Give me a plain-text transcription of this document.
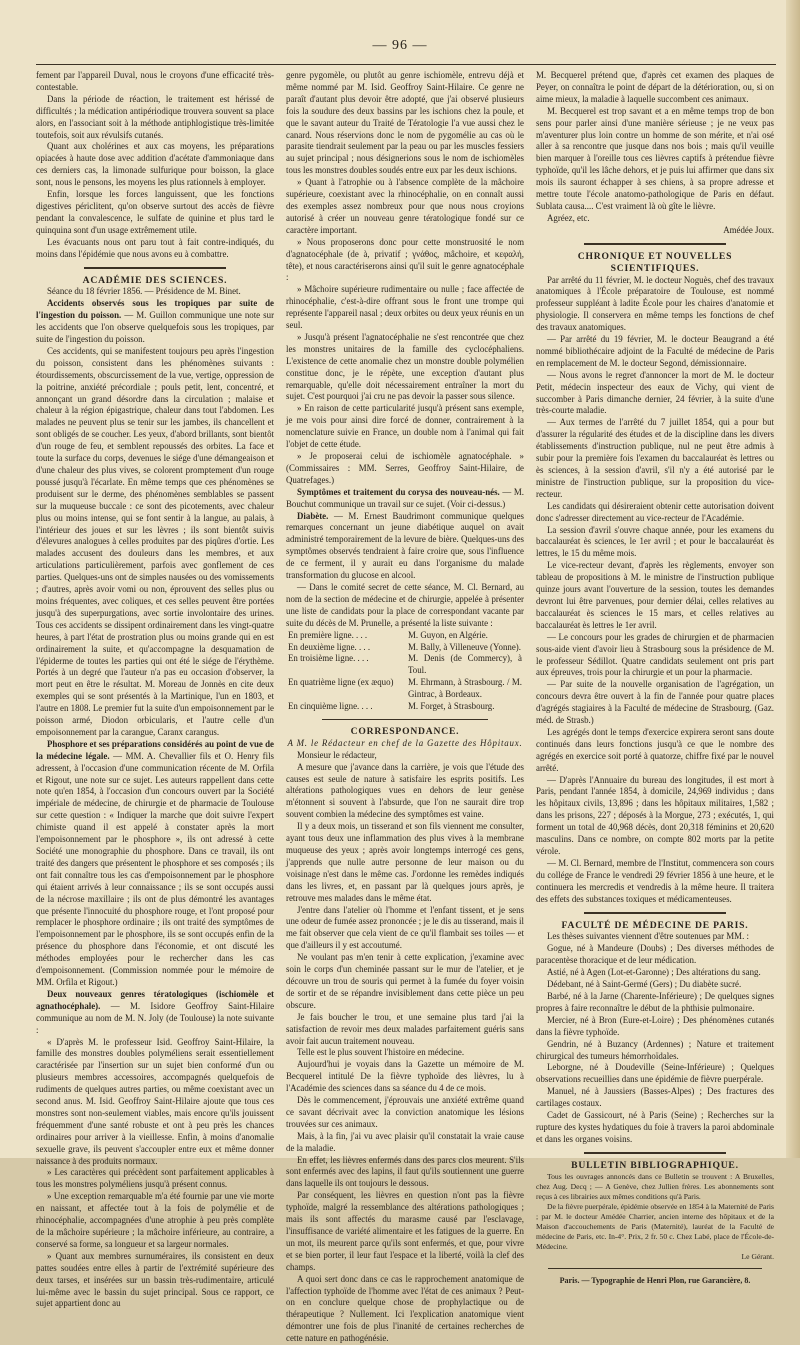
— 96 —

fement par l'appareil Duval, nous le croyons d'une efficacité très-contestable.

Dans la période de réaction, le traitement est hérissé de difficultés ; la médication antipériodique trouvera souvent sa place alors, en l'associant soit à la méthode antiphlogistique très-limitée toutefois, soit aux révulsifs cutanés.

Quant aux cholérines et aux cas moyens, les préparations opiacées à haute dose avec addition d'acétate d'ammoniaque dans ces derniers cas, la limonade sulfurique pour boisson, la glace sont, nous le pensons, les moyens les plus rationnels à employer.

Enfin, lorsque les forces languissent, que les fonctions digestives périclitent, qu'on observe surtout des accès de fièvre pendant la convalescence, le sulfate de quinine et plus tard le quinquina sont d'un usage extrêmement utile.

Les évacuants nous ont paru tout à fait contre-indiqués, du moins dans l'épidémie que nous avons eu à combattre.

ACADÉMIE DES SCIENCES.

Séance du 18 février 1856. — Présidence de M. Binet.

Accidents observés sous les tropiques par suite de l'ingestion du poisson. — M. Guillon communique une note sur les accidents que l'on observe quelquefois sous les tropiques, par suite de l'ingestion du poisson.

Ces accidents, qui se manifestent toujours peu après l'ingestion du poisson, consistent dans les phénomènes suivants : étourdissements, obscurcissement de la vue, vertige, oppression de la poitrine, anxiété précordiale ; pouls petit, lent, concentré, et annonçant un grand désordre dans la circulation ; malaise et chaleur à la région épigastrique, chaleur dans tout l'abdomen. Les malades ne peuvent plus se tenir sur les jambes, ils chancellent et sont obligés de se coucher. Les yeux, d'abord brillants, sont bientôt d'un rouge de feu, et semblent repoussés des orbites. La face et toute la surface du corps, devenues le siége d'une démangeaison et d'une chaleur des plus vives, se colorent promptement d'un rouge poussé jusqu'à l'écarlate. En même temps que ces phénomènes se produisent sur le derme, des phénomènes semblables se passent sur la muqueuse buccale : ce sont des picotements, avec chaleur plus ou moins intense, qui se font sentir à la langue, au palais, à l'intérieur des joues et sur les lèvres ; ils sont bientôt suivis d'élevures analogues à celles produites par des piqûres d'ortie. Les malades accusent des douleurs dans les membres, et aux articulations particulièrement, parfois avec gonflement de ces parties. Quelques-uns ont de simples nausées ou des vomissements ; d'autres, après avoir vomi ou non, éprouvent des selles plus ou moins fréquentes, avec coliques, et ces selles peuvent être portées jusqu'à des superpurgations, avec sortie involontaire des urines. Tous ces accidents se dissipent ordinairement dans les vingt-quatre heures, à part l'état de prostration plus ou moins grande qui en est ordinairement la suite, et qu'accompagne la desquamation de l'épiderme de toutes les parties qui ont été le siége de l'érythème. Portés à un degré que l'auteur n'a pas eu occasion d'observer, la mort peut en être le résultat. M. Moreau de Jonnès en cite deux exemples qui se sont présentés à la Martinique, l'un en 1803, et l'autre en 1808. Le premier fut la suite d'un empoisonnement par le poisson armé, Diodon orbicularis, et l'autre celle d'un empoisonnement par la carangue, Caranx carangus.

Phosphore et ses préparations considérés au point de vue de la médecine légale. — MM. A. Chevallier fils et O. Henry fils adressent, à l'occasion d'une communication récente de M. Orfila et Rigout, une note sur ce sujet. Les auteurs rappellent dans cette note qu'en 1854, à l'occasion d'un concours ouvert par la Société impériale de médecine, de chirurgie et de pharmacie de Toulouse sur cette question : « Indiquer la marche que doit suivre l'expert chimiste quand il est appelé à constater après la mort l'empoisonnement par le phosphore », ils ont adressé à cette Société une monographie du phosphore. Dans ce travail, ils ont traité des dangers que présentent le phosphore et ses composés ; ils ont fait connaître tous les cas d'empoisonnement par le phosphore qui étaient arrivés à leur connaissance ; ils se sont occupés aussi de la nécrose maxillaire ; ils ont de plus démontré les avantages que présente l'innocuité du phosphore rouge, et l'ont proposé pour remplacer le phosphore ordinaire ; ils ont traité des symptômes de l'empoisonnement par le phosphore, ils se sont occupés enfin de la présence du phosphore dans l'économie, et ont discuté les méthodes employées pour le rechercher dans les cas d'empoisonnement. (Commission nommée pour le mémoire de MM. Orfila et Rigout.)

Deux nouveaux genres tératologiques (ischiomèle et agnathocéphale). — M. Isidore Geoffroy Saint-Hilaire communique au nom de M. N. Joly (de Toulouse) la note suivante :

« D'après M. le professeur Isid. Geoffroy Saint-Hilaire, la famille des monstres doubles polyméliens serait essentiellement caractérisée par l'insertion sur un sujet bien conformé d'un ou plusieurs membres accessoires, accompagnés quelquefois de rudiments de quelques autres parties, ou même coexistant avec un second anus. M. Isid. Geoffroy Saint-Hilaire ajoute que tous ces monstres sont non-seulement viables, mais encore qu'ils jouissent fréquemment d'une santé robuste et ont à peu près les chances ordinaires pour arriver à la vieillesse. Enfin, à moins d'anomalie sexuelle grave, ils peuvent s'accoupler entre eux et même donner naissance à des produits normaux.

» Les caractères qui précèdent sont parfaitement applicables à tous les monstres polyméliens jusqu'à présent connus.

» Une exception remarquable m'a été fournie par une vie morte en naissant, et affectée tout à la fois de polymélie et de rhinocéphalie, accompagnées d'une atrophie à peu près complète de la mâchoire supérieure ; la mâchoire inférieure, au contraire, a conservé sa forme, sa longueur et sa largeur normales.

» Quant aux membres surnuméraires, ils consistent en deux pattes soudées entre elles à partir de l'extrémité supérieure des deux tarses, et insérées sur un bassin très-rudimentaire, articulé lui-même avec le bassin du sujet principal. Sous ce rapport, ce sujet appartient donc au

genre pygomèle, ou plutôt au genre ischiomèle, entrevu déjà et même nommé par M. Isid. Geoffroy Saint-Hilaire. Ce genre ne paraît d'autant plus devoir être adopté, que j'ai observé plusieurs fois la soudure des deux bassins par les ischions chez la poule, et que le savant auteur du Traité de Tératologie l'a vue aussi chez le canard. Nous réservions donc le nom de pygomélie au cas où le parasite tiendrait seulement par la peau ou par les muscles fessiers au sujet principal ; nous désignerions sous le nom de ischiomèles tous les monstres doubles soudés entre eux par les deux ischions.

» Quant à l'atrophie ou à l'absence complète de la mâchoire supérieure, coexistant avec la rhinocéphalie, on en connaît aussi des exemples assez nombreux pour que nous nous croyions autorisé à créer un nouveau genre tératologique fondé sur ce caractère important.

» Nous proposerons donc pour cette monstruosité le nom d'agnatocéphale (de à, privatif ; γνάθος, mâchoire, et κεφαλή, tête), et nous caractériserons ainsi qu'il suit le genre agnatocéphale :

» Mâchoire supérieure rudimentaire ou nulle ; face affectée de rhinocéphalie, c'est-à-dire offrant sous le front une trompe qui représente l'appareil nasal ; deux orbites ou deux yeux réunis en un seul.

» Jusqu'à présent l'agnatocéphalie ne s'est rencontrée que chez les monstres unitaires de la famille des cyclocéphaliens. L'existence de cette anomalie chez un monstre double polymélien constitue donc, je le répète, une exception d'autant plus remarquable, qu'elle doit nécessairement entraîner la mort du sujet. C'est pourquoi j'ai cru ne pas devoir la passer sous silence.

» En raison de cette particularité jusqu'à présent sans exemple, je me vois pour ainsi dire forcé de donner, contrairement à la nomenclature suivie en France, un double nom à l'animal qui fait l'objet de cette étude.

» Je proposerai celui de ischiomèle agnatocéphale. » (Commissaires : MM. Serres, Geoffroy Saint-Hilaire, de Quatrefages.)

Symptômes et traitement du corysa des nouveau-nés. — M. Bouchut communique un travail sur ce sujet. (Voir ci-dessus.)

Diabète. — M. Ernest Baudrimont communique quelques remarques concernant un jeune diabétique auquel on avait administré temporairement de la levure de bière. Quelques-uns des symptômes observés tendraient à faire croire que, sous l'influence de ce ferment, il y aurait eu dans l'organisme du malade transformation du glucose en alcool.

— Dans le comité secret de cette séance, M. Cl. Bernard, au nom de la section de médecine et de chirurgie, appelée à présenter une liste de candidats pour la place de correspondant vacante par suite du décès de M. Prunelle, a présenté la liste suivante :

En première ligne. . . .	M. Guyon, en Algérie.
En deuxième ligne. . . .	M. Bally, à Villeneuve (Yonne).
En troisième ligne. . . .	M. Denis (de Commercy), à Toul.
En quatrième ligne (ex æquo)	M. Ehrmann, à Strasbourg. / M. Gintrac, à Bordeaux.
En cinquième ligne. . . .	M. Forget, à Strasbourg.

CORRESPONDANCE.

A M. le Rédacteur en chef de la Gazette des Hôpitaux.

Monsieur le rédacteur,

A mesure que j'avance dans la carrière, je vois que l'étude des causes est seule de nature à satisfaire les esprits positifs. Les altérations pathologiques vues en dehors de leur genèse m'étonnent si souvent à l'absurde, que l'on ne saurait dire trop souvent combien la médecine des symptômes est vaine.

Il y a deux mois, un tisserand et son fils viennent me consulter, ayant tous deux une inflammation des plus vives à la membrane muqueuse des yeux ; après avoir longtemps interrogé ces gens, j'apprends que nulle autre personne de leur maison ou du voisinage n'est dans le même cas. J'ordonne les remèdes indiqués dans les livres, et, en passant par là quelques jours après, je retrouve mes malades dans le même état.

J'entre dans l'atelier où l'homme et l'enfant tissent, et je sens une odeur de fumée assez prononcée ; je le dis au tisserand, mais il me fait observer que cela vient de ce qu'il flambait ses toiles — et que d'ailleurs il y est accoutumé.

Ne voulant pas m'en tenir à cette explication, j'examine avec soin le corps d'un cheminée passant sur le mur de l'atelier, et je découvre un trou de souris qui permet à la fumée du foyer voisin de sortir et de se répandre invisiblement dans cette pièce un peu obscure.

Je fais boucher le trou, et une semaine plus tard j'ai la satisfaction de revoir mes deux malades parfaitement guéris sans avoir fait aucun traitement nouveau.

Telle est le plus souvent l'histoire en médecine.

Aujourd'hui je voyais dans la Gazette un mémoire de M. Becquerel intitulé De la fièvre typhoïde des lièvres, lu à l'Académie des sciences dans sa séance du 4 de ce mois.

Dès le commencement, j'éprouvais une anxiété extrême quand ce savant décrivait avec la conviction anatomique les lésions trouvées sur ces animaux.

Mais, à la fin, j'ai vu avec plaisir qu'il constatait la vraie cause de la maladie.

En effet, les lièvres enfermés dans des parcs clos meurent. S'ils sont enfermés avec des lapins, il faut qu'ils soutiennent une guerre dans laquelle ils ont toujours le dessous.

Par conséquent, les lièvres en question n'ont pas la fièvre typhoïde, malgré la ressemblance des altérations pathologiques ; mais ils sont affectés du marasme causé par l'esclavage, l'insuffisance de variété alimentaire et les fatigues de la guerre. En un mot, ils meurent parce qu'ils sont enfermés, et que, pour vivre et se bien porter, il leur faut l'espace et la liberté, voilà la clef des champs.

A quoi sert donc dans ce cas le rapprochement anatomique de l'affection typhoïde de l'homme avec l'état de ces animaux ? Peut-on en conclure quelque chose de prophylactique ou de thérapeutique ? Nullement. Ici l'explication anatomique vient démontrer une fois de plus l'inanité de certaines recherches de cette nature en pathogénésie.

M. Becquerel prétend que, d'après cet examen des plaques de Peyer, on connaîtra le point de départ de la détérioration, ou, si on aime mieux, la maladie à laquelle succombent ces animaux.

M. Becquerel est trop savant et a en même temps trop de bon sens pour parler ainsi d'une manière sérieuse ; je ne veux pas m'aventurer plus loin contre un homme de son mérite, et n'ai osé aller à sa rencontre que jusque dans nos bois ; mais qu'il veuille bien marquer à l'oreille tous ces lièvres captifs à prétendue fièvre typhoïde, qu'il les lâche dehors, et je puis lui affirmer que dans six mois ils sauront échapper à ses chiens, à sa propre adresse et mettre toute l'école anatomo-pathologique de Paris en défaut. Sublata causa.... C'est vraiment là où gîte le lièvre.

Agréez, etc.

Amédée Joux.

CHRONIQUE ET NOUVELLES SCIENTIFIQUES.

Par arrêté du 11 février, M. le docteur Noguès, chef des travaux anatomiques à l'École préparatoire de Toulouse, est nommé professeur suppléant à ladite École pour les chaires d'anatomie et physiologie. Il conservera en même temps les fonctions de chef des travaux anatomiques.

— Par arrêté du 19 février, M. le docteur Beaugrand a été nommé bibliothécaire adjoint de la Faculté de médecine de Paris en remplacement de M. le docteur Segond, démissionnaire.

— Nous avons le regret d'annoncer la mort de M. le docteur Petit, médecin inspecteur des eaux de Vichy, qui vient de succomber à Paris dimanche dernier, 24 février, à la suite d'une très-courte maladie.

— Aux termes de l'arrêté du 7 juillet 1854, qui a pour but d'assurer la régularité des études et de la discipline dans les divers établissements d'instruction publique, nul ne peut être admis à subir pour la première fois l'examen du baccalauréat ès lettres ou ès sciences, à la session d'avril, s'il n'y a été autorisé par le ministre de l'instruction publique, sur la proposition du vice-recteur.

Les candidats qui désireraient obtenir cette autorisation doivent donc s'adresser directement au vice-recteur de l'Académie.

La session d'avril s'ouvre chaque année, pour les examens du baccalauréat ès sciences, le 1er avril ; et pour le baccalauréat ès lettres, le 15 du même mois.

Le vice-recteur devant, d'après les règlements, envoyer son tableau de propositions à M. le ministre de l'instruction publique quinze jours avant l'ouverture de la session, toutes les demandes devront lui être parvenues, pour dernier délai, celles relatives au baccalauréat ès sciences le 15 mars, et celles relatives au baccalauréat ès lettres le 1er avril.

— Le concours pour les grades de chirurgien et de pharmacien sous-aide vient d'avoir lieu à Strasbourg sous la présidence de M. le professeur Sédillot. Quatre candidats seulement ont pris part aux épreuves, trois pour la chirurgie et un pour la pharmacie.

— Par suite de la nouvelle organisation de l'agrégation, un concours devra être ouvert à la fin de l'année pour quatre places d'agrégés stagiaires à la Faculté de médecine de Strasbourg. (Gaz. méd. de Strasb.)

Les agrégés dont le temps d'exercice expirera seront sans doute continués dans leurs fonctions jusqu'à ce que le nombre des agrégés en exercice soit porté à quatorze, chiffre fixé par le nouvel arrêté.

— D'après l'Annuaire du bureau des longitudes, il est mort à Paris, pendant l'année 1854, à domicile, 24,969 individus ; dans les hôpitaux civils, 13,896 ; dans les hôpitaux militaires, 1,582 ; dans les prisons, 227 ; déposés à la Morgue, 273 ; exécutés, 1, qui forment un total de 40,968 décès, dont 20,318 féminins et 20,620 masculins. Dans ce nombre, on compte 802 morts par la petite vérole.

— M. Cl. Bernard, membre de l'Institut, commencera son cours du collége de France le vendredi 29 février 1856 à une heure, et le continuera les mercredis et vendredis à la même heure. Il traitera des effets des substances toxiques et médicamenteuses.

FACULTÉ DE MÉDECINE DE PARIS.

Les thèses suivantes viennent d'être soutenues par MM. :

Gogue, né à Mandeure (Doubs) ; Des diverses méthodes de paracentèse thoracique et de leur médication.

Astié, né à Agen (Lot-et-Garonne) ; Des altérations du sang.

Dédebant, né à Saint-Germé (Gers) ; Du diabète sucré.

Barbé, né à la Jarne (Charente-Inférieure) ; De quelques signes propres à faire reconnaître le début de la phthisie pulmonaire.

Mercier, né à Bron (Eure-et-Loire) ; Des phénomènes cutanés dans la fièvre typhoïde.

Gendrin, né à Buzancy (Ardennes) ; Nature et traitement chirurgical des tumeurs hémorrhoïdales.

Leborgne, né à Doudeville (Seine-Inférieure) ; Quelques observations recueillies dans une épidémie de fièvre puerpérale.

Manuel, né à Jaussiers (Basses-Alpes) ; Des fractures des cartilages costaux.

Cadet de Gassicourt, né à Paris (Seine) ; Recherches sur la rupture des kystes hydatiques du foie à travers la paroi abdominale et dans les organes voisins.

BULLETIN BIBLIOGRAPHIQUE.

Tous les ouvrages annoncés dans ce Bulletin se trouvent : A Bruxelles, chez Aug. Decq ; — A Genève, chez Jullien frères. Les abonnements sont reçus à ces librairies aux mêmes conditions qu'à Paris.

De la fièvre puerpérale, épidémie observée en 1854 à la Maternité de Paris ; par M. le docteur Amédée Charrier, ancien interne des hôpitaux et de la Maison d'accouchements de Paris (Maternité), lauréat de la Faculté de médecine de Paris, etc. In-4°. Prix, 2 fr. 50 c. Chez Labé, place de l'École-de-Médecine.

Le Gérant.

Paris. — Typographie de Henri Plon, rue Garancière, 8.
